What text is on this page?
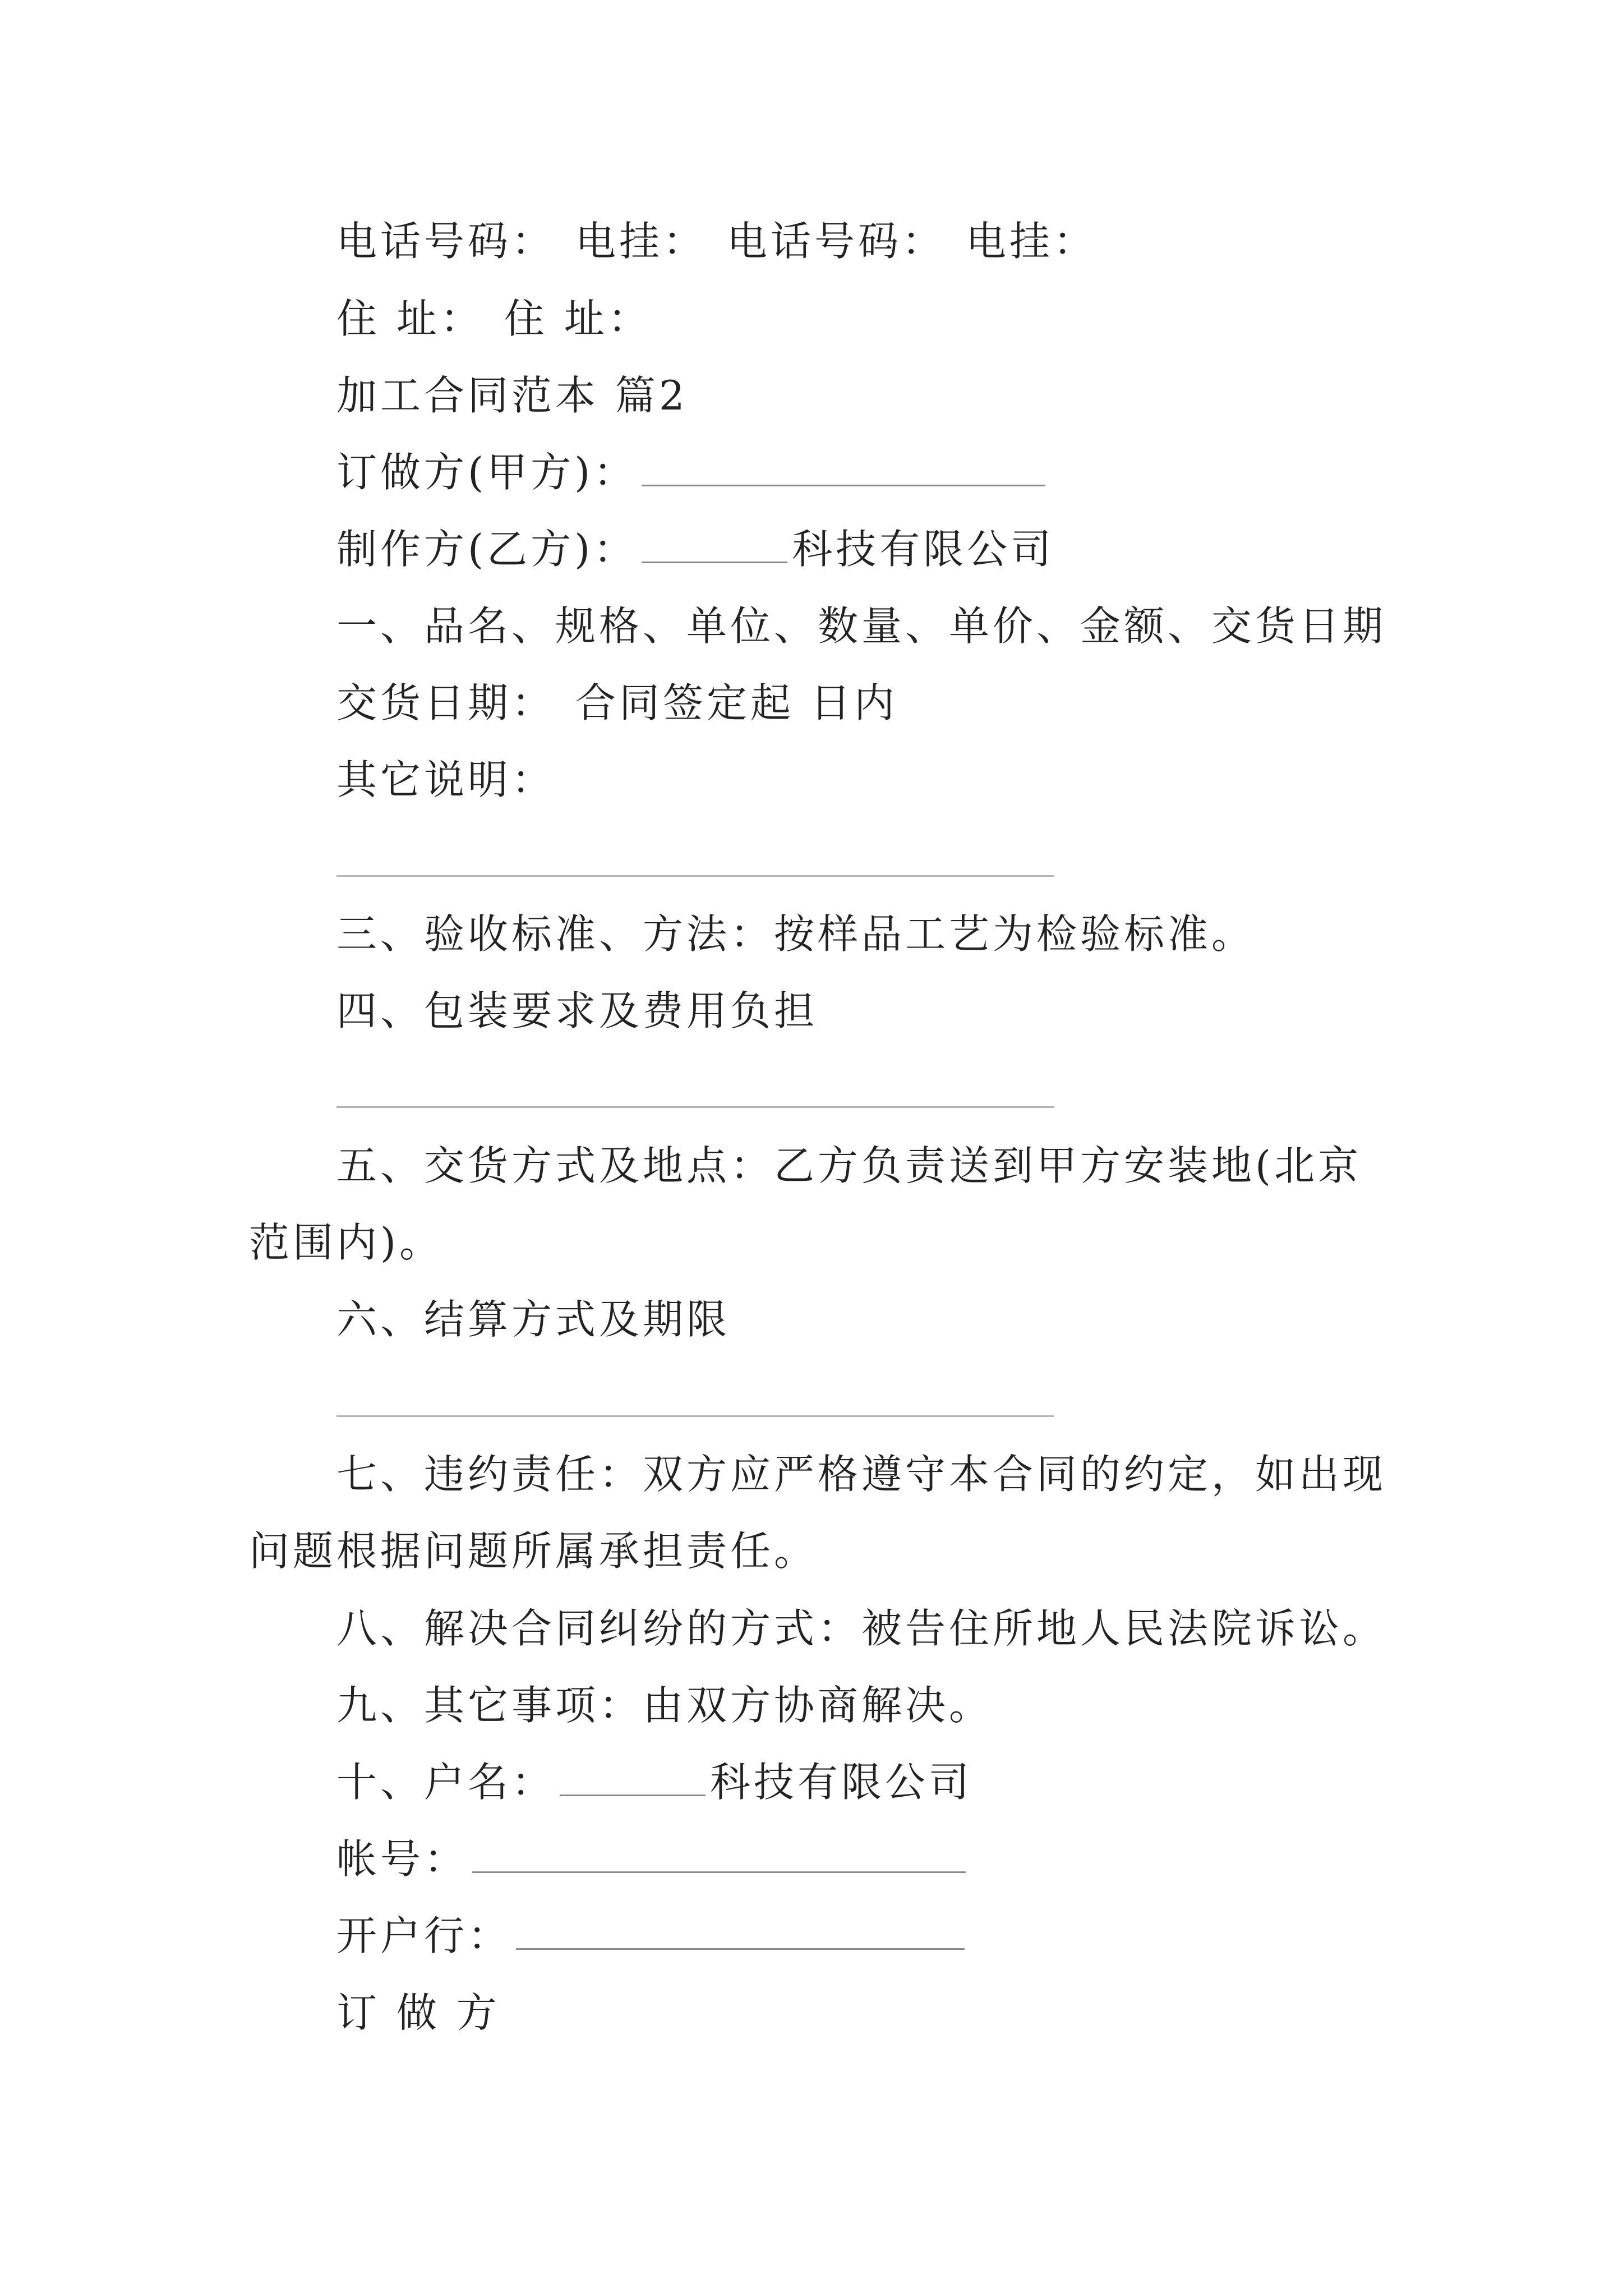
电话号码： 电挂： 电话号码： 电挂：
住 址： 住 址：
加工合同范本 篇2
订做方(甲方)：
制作方(乙方)：	科技有限公司
一、品名、规格、单位、数量、单价、金额、交货日期
交货日期： 合同签定起 日内
其它说明：
三、验收标准、方法：按样品工艺为检验标准。
四、包装要求及费用负担
五、交货方式及地点：乙方负责送到甲方安装地(北京
范围内)。
六、结算方式及期限
七、违约责任：双方应严格遵守本合同的约定，如出现
问题根据问题所属承担责任。
八、解决合同纠纷的方式：被告住所地人民法院诉讼。
九、其它事项：由双方协商解决。
十、户名：	科技有限公司
帐号：
开户行：
订 做 方
